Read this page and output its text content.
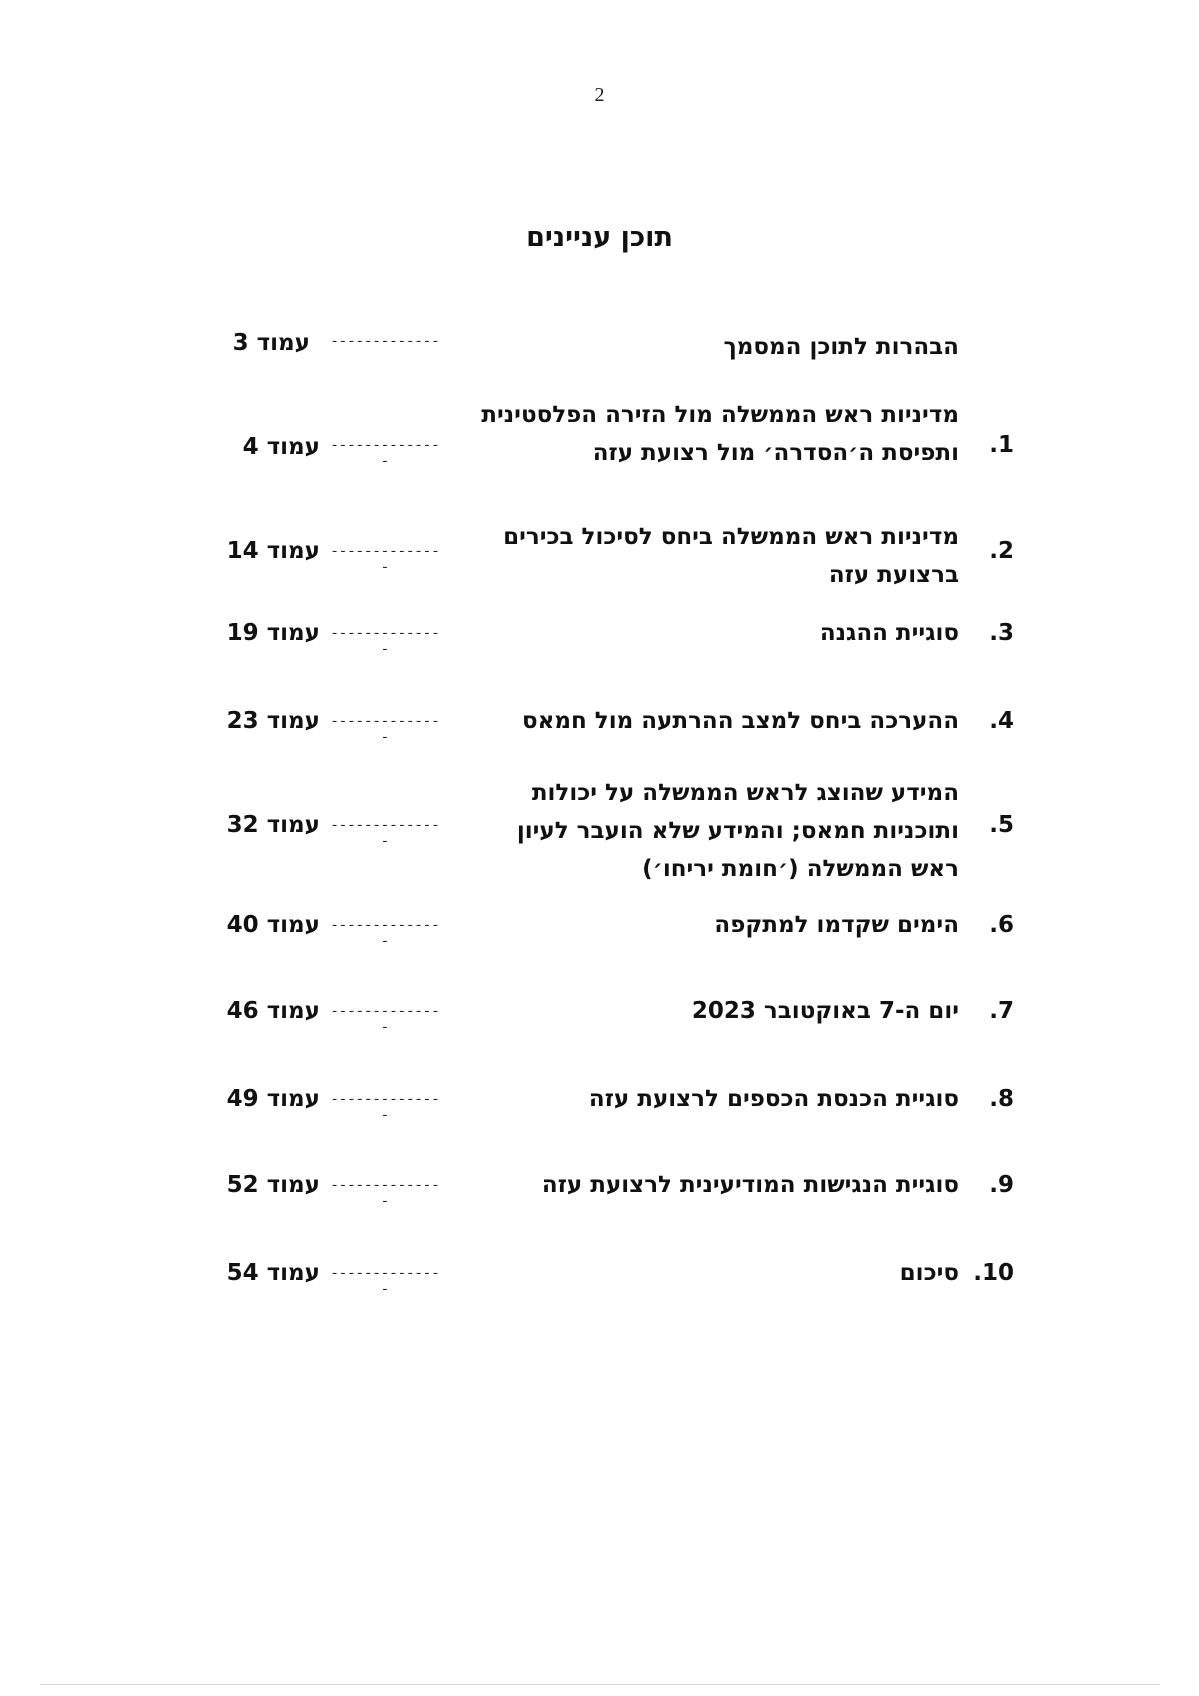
2
תוכן עניינים
הבהרות לתוכן המסמך
-------------
עמוד 3
1.
מדיניות ראש הממשלה מול הזירה הפלסטינית ותפיסת ה׳הסדרה׳ מול רצועת עזה
--------------
עמוד 4
2.
מדיניות ראש הממשלה ביחס לסיכול בכירים ברצועת עזה
--------------
עמוד 14
3.
סוגיית ההגנה
--------------
עמוד 19
4.
ההערכה ביחס למצב ההרתעה מול חמאס
--------------
עמוד 23
5.
המידע שהוצג לראש הממשלה על יכולות ותוכניות חמאס; והמידע שלא הועבר לעיון ראש הממשלה (׳חומת יריחו׳)
--------------
עמוד 32
6.
הימים שקדמו למתקפה
--------------
עמוד 40
7.
יום ה-7 באוקטובר 2023
--------------
עמוד 46
8.
סוגיית הכנסת הכספים לרצועת עזה
--------------
עמוד 49
9.
סוגיית הנגישות המודיעינית לרצועת עזה
--------------
עמוד 52
10.
סיכום
--------------
עמוד 54
